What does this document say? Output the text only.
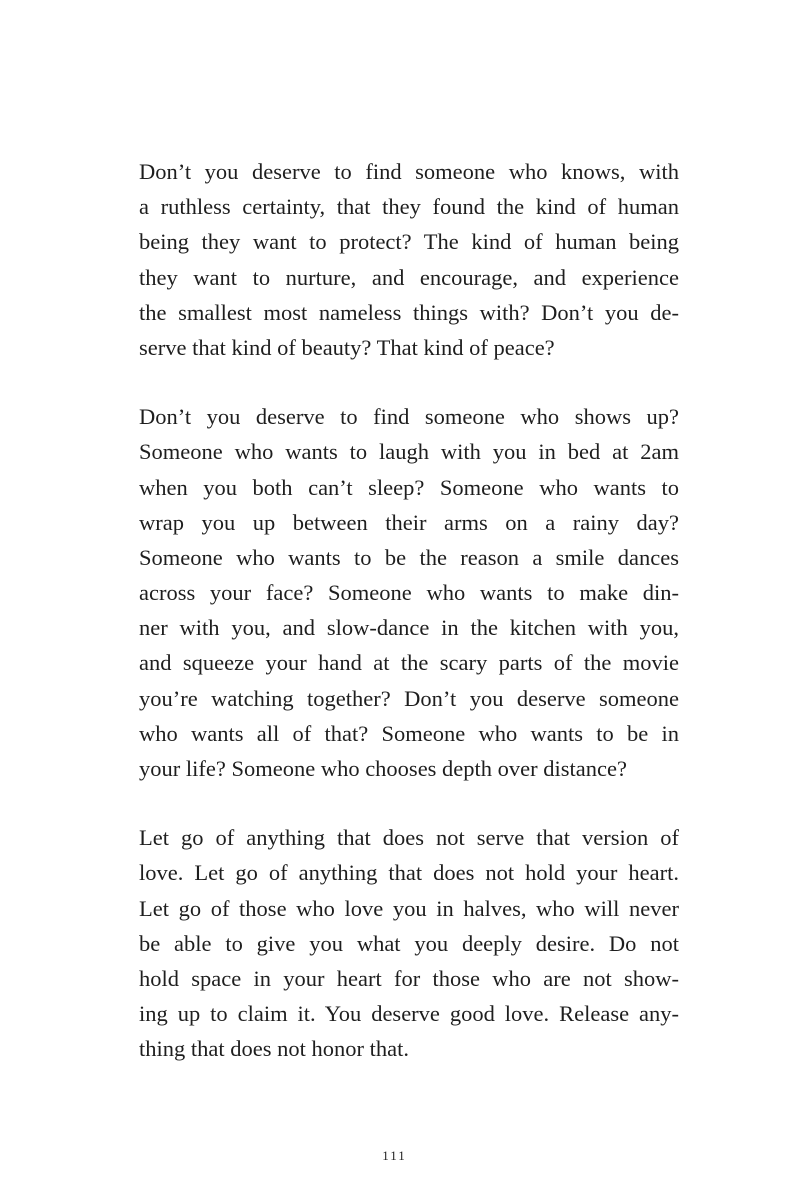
Don’t you deserve to find someone who knows, with
a ruthless certainty, that they found the kind of human
being they want to protect? The kind of human being
they want to nurture, and encourage, and experience
the smallest most nameless things with? Don’t you de-
serve that kind of beauty? That kind of peace?

Don’t you deserve to find someone who shows up?
Someone who wants to laugh with you in bed at 2am
when you both can’t sleep? Someone who wants to
wrap you up between their arms on a rainy day?
Someone who wants to be the reason a smile dances
across your face? Someone who wants to make din-
ner with you, and slow-dance in the kitchen with you,
and squeeze your hand at the scary parts of the movie
you’re watching together? Don’t you deserve someone
who wants all of that? Someone who wants to be in
your life? Someone who chooses depth over distance?

Let go of anything that does not serve that version of
love. Let go of anything that does not hold your heart.
Let go of those who love you in halves, who will never
be able to give you what you deeply desire. Do not
hold space in your heart for those who are not show-
ing up to claim it. You deserve good love. Release any-
thing that does not honor that.

111
